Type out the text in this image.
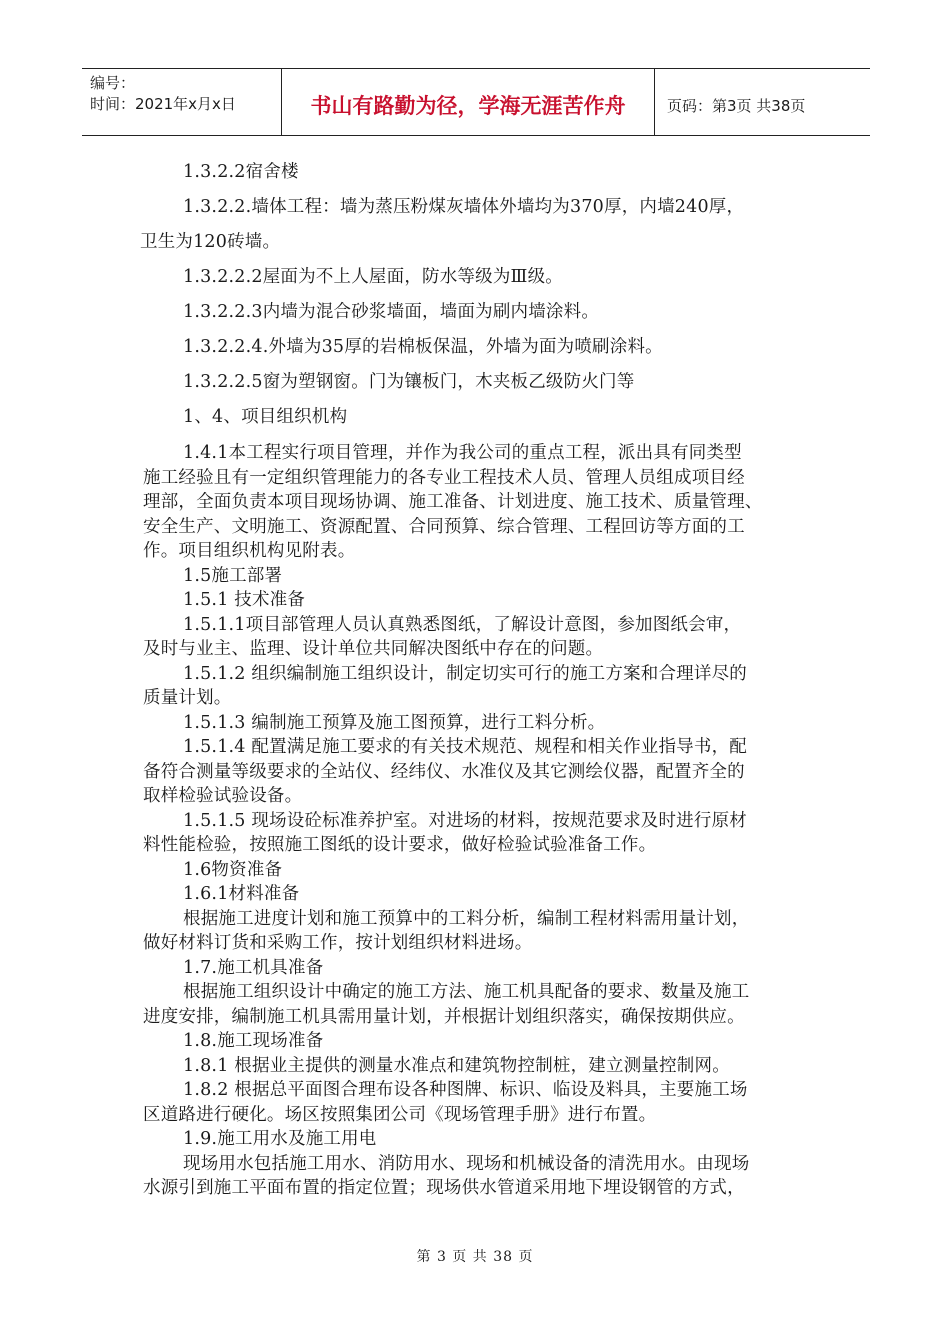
编号：
时间：2021年x月x日	书山有路勤为径，学海无涯苦作舟	页码：第3页 共38页

1.3.2.2宿舍楼

1.3.2.2.墙体工程：墙为蒸压粉煤灰墙体外墙均为370厚，内墙240厚，

卫生为120砖墙。

1.3.2.2.2屋面为不上人屋面，防水等级为Ⅲ级。

1.3.2.2.3内墙为混合砂浆墙面，墙面为刷内墙涂料。

1.3.2.2.4.外墙为35厚的岩棉板保温，外墙为面为喷刷涂料。

1.3.2.2.5窗为塑钢窗。门为镶板门，木夹板乙级防火门等

1、4、项目组织机构

1.4.1本工程实行项目管理，并作为我公司的重点工程，派出具有同类型

施工经验且有一定组织管理能力的各专业工程技术人员、管理人员组成项目经

理部，全面负责本项目现场协调、施工准备、计划进度、施工技术、质量管理、

安全生产、文明施工、资源配置、合同预算、综合管理、工程回访等方面的工

作。项目组织机构见附表。

1.5施工部署

1.5.1 技术准备

1.5.1.1项目部管理人员认真熟悉图纸，了解设计意图，参加图纸会审，

及时与业主、监理、设计单位共同解决图纸中存在的问题。

1.5.1.2 组织编制施工组织设计，制定切实可行的施工方案和合理详尽的

质量计划。

1.5.1.3 编制施工预算及施工图预算，进行工料分析。

1.5.1.4 配置满足施工要求的有关技术规范、规程和相关作业指导书，配

备符合测量等级要求的全站仪、经纬仪、水准仪及其它测绘仪器，配置齐全的

取样检验试验设备。

1.5.1.5 现场设砼标准养护室。对进场的材料，按规范要求及时进行原材

料性能检验，按照施工图纸的设计要求，做好检验试验准备工作。

1.6物资准备

1.6.1材料准备

根据施工进度计划和施工预算中的工料分析，编制工程材料需用量计划，

做好材料订货和采购工作，按计划组织材料进场。

1.7.施工机具准备

根据施工组织设计中确定的施工方法、施工机具配备的要求、数量及施工

进度安排，编制施工机具需用量计划，并根据计划组织落实，确保按期供应。

1.8.施工现场准备

1.8.1 根据业主提供的测量水准点和建筑物控制桩，建立测量控制网。

1.8.2 根据总平面图合理布设各种图牌、标识、临设及料具，主要施工场

区道路进行硬化。场区按照集团公司《现场管理手册》进行布置。

1.9.施工用水及施工用电

现场用水包括施工用水、消防用水、现场和机械设备的清洗用水。由现场

水源引到施工平面布置的指定位置；现场供水管道采用地下埋设钢管的方式，

第 3 页 共 38 页
